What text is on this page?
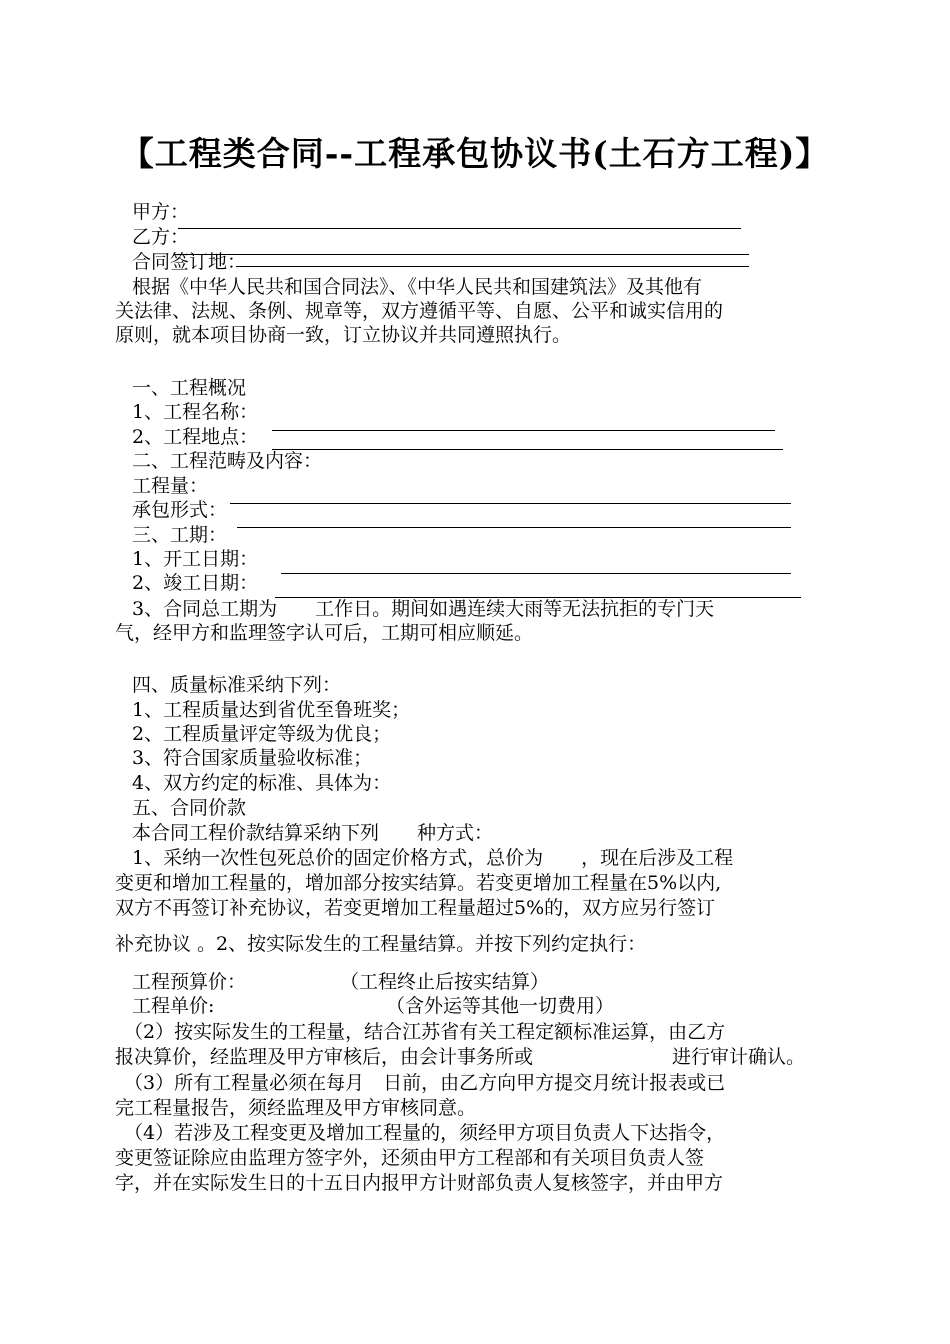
【工程类合同--工程承包协议书(土石方工程)】
甲方：
乙方：
合同签订地：
根据《中华人民共和国合同法》、《中华人民共和国建筑法》及其他有
关法律、法规、条例、规章等，双方遵循平等、自愿、公平和诚实信用的
原则，就本项目协商一致，订立协议并共同遵照执行。
一、工程概况
1、工程名称：
2、工程地点：
二、工程范畴及内容：
工程量：
承包形式：
三、工期：
1、开工日期：
2、竣工日期：
3、合同总工期为　　工作日。期间如遇连续大雨等无法抗拒的专门天
气，经甲方和监理签字认可后，工期可相应顺延。
四、质量标准采纳下列：
1、工程质量达到省优至鲁班奖；
2、工程质量评定等级为优良；
3、符合国家质量验收标准；
4、双方约定的标准、具体为：
五、合同价款
本合同工程价款结算采纳下列　　种方式：
1、采纳一次性包死总价的固定价格方式，总价为　　，现在后涉及工程
变更和增加工程量的，增加部分按实结算。若变更增加工程量在5%以内,
双方不再签订补充协议，若变更增加工程量超过5%的，双方应另行签订
补充协议 。2、按实际发生的工程量结算。并按下列约定执行：
工程预算价：	（工程终止后按实结算）
工程单价:	（含外运等其他一切费用）
（2）按实际发生的工程量，结合江苏省有关工程定额标准运算，由乙方
报决算价，经监理及甲方审核后，由会计事务所或	进行审计确认。
（3）所有工程量必须在每月　日前，由乙方向甲方提交月统计报表或已
完工程量报告，须经监理及甲方审核同意。
（4）若涉及工程变更及增加工程量的，须经甲方项目负责人下达指令，
变更签证除应由监理方签字外，还须由甲方工程部和有关项目负责人签
字，并在实际发生日的十五日内报甲方计财部负责人复核签字，并由甲方
